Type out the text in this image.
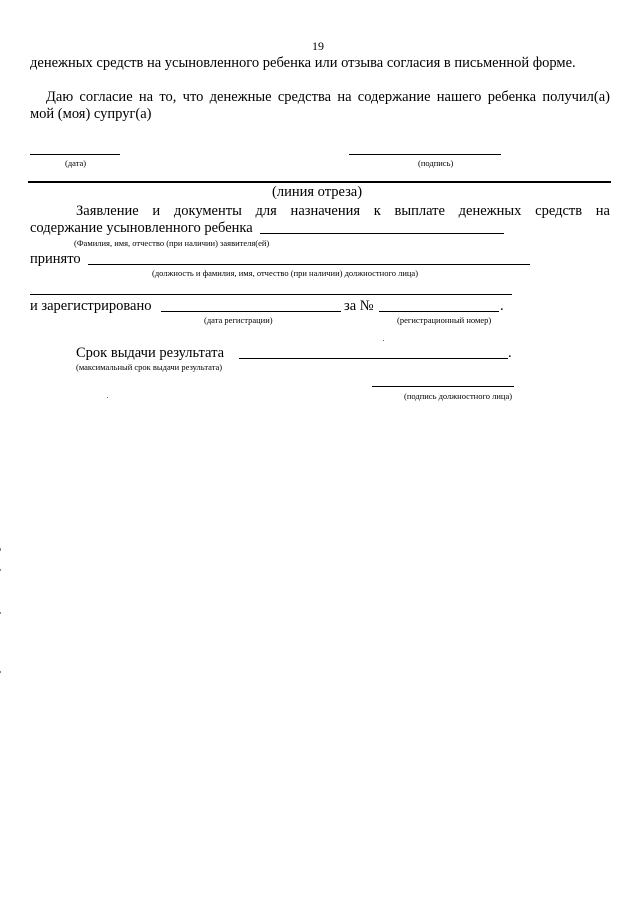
19
денежных средств на усыновленного ребенка или отзыва согласия в письменной форме.
Даю согласие на то, что денежные средства на содержание нашего ребенка получил(а)
мой (моя) супруг(а)
(дата)	(подпись)
(линия отреза)
Заявление и документы для назначения к выплате денежных средств на
содержание усыновленного ребенка
(Фамилия, имя, отчество (при наличии) заявителя(ей)
принято
(должность и фамилия, имя, отчество (при наличии) должностного лица)
и зарегистрировано	за №	.
(дата регистрации)	(регистрационный номер)
Срок выдачи результата	.
(максимальный срок выдачи результата)
(подпись должностного лица)
